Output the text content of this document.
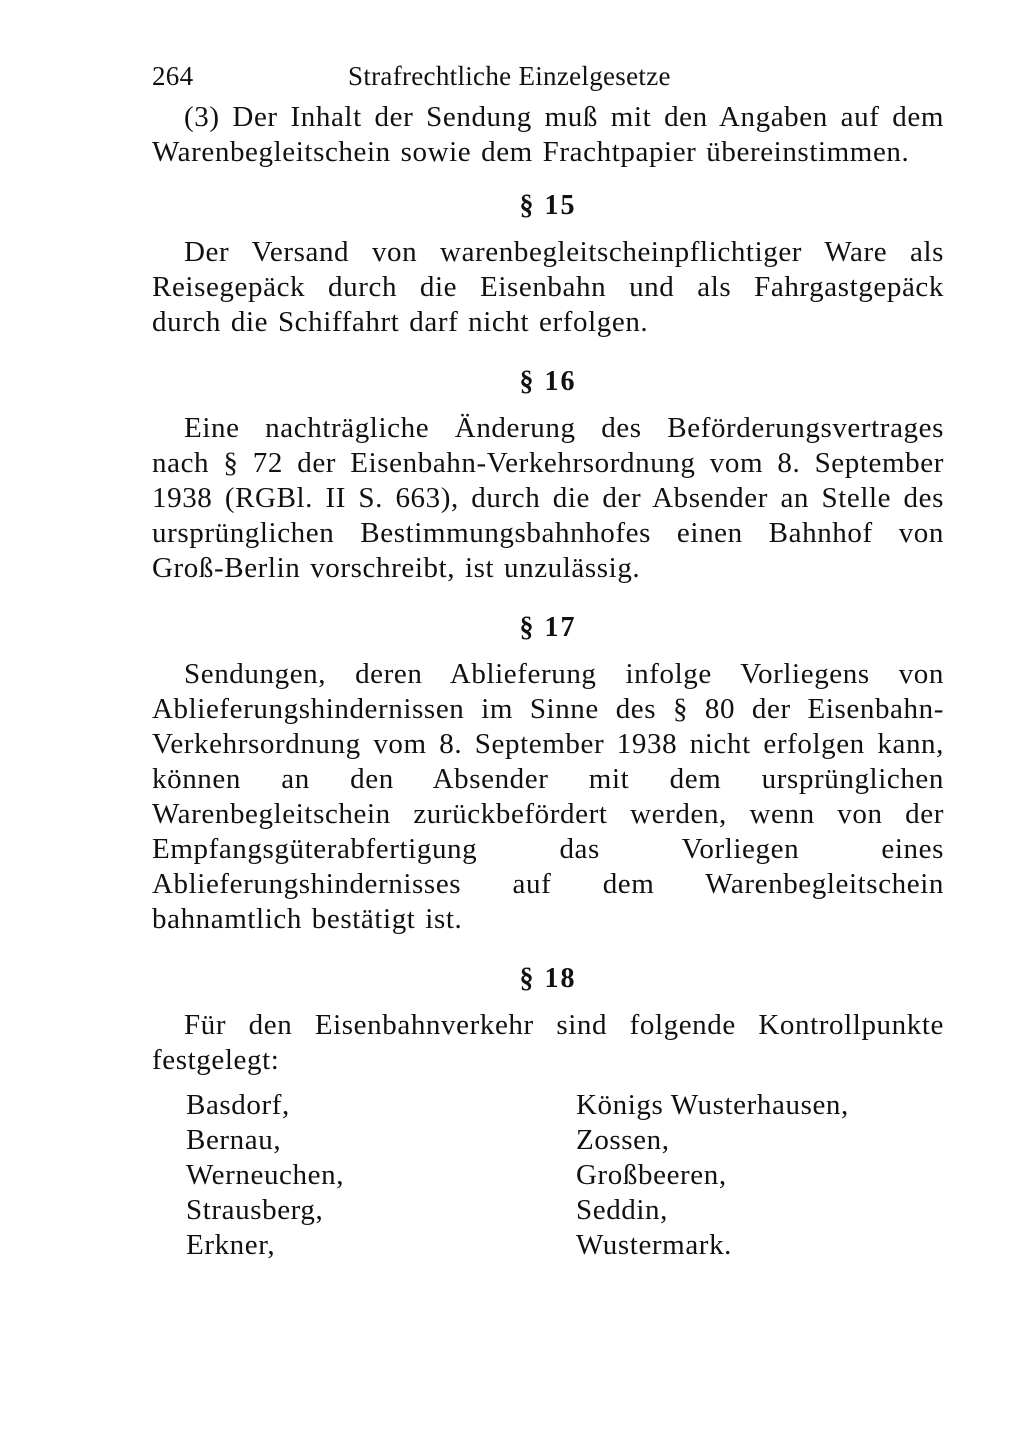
264	Strafrechtliche Einzelgesetze

(3) Der Inhalt der Sendung muß mit den Angaben auf dem Warenbegleitschein sowie dem Frachtpapier übereinstimmen.

§ 15

Der Versand von warenbegleitscheinpflichtiger Ware als Reisegepäck durch die Eisenbahn und als Fahrgastgepäck durch die Schiffahrt darf nicht erfolgen.

§ 16

Eine nachträgliche Änderung des Beförderungsvertrages nach § 72 der Eisenbahn-Verkehrsordnung vom 8. September 1938 (RGBl. II S. 663), durch die der Absender an Stelle des ursprünglichen Bestimmungsbahnhofes einen Bahnhof von Groß-Berlin vorschreibt, ist unzulässig.

§ 17

Sendungen, deren Ablieferung infolge Vorliegens von Ablieferungshindernissen im Sinne des § 80 der Eisenbahn-Verkehrsordnung vom 8. September 1938 nicht erfolgen kann, können an den Absender mit dem ursprünglichen Warenbegleitschein zurückbefördert werden, wenn von der Empfangsgüterabfertigung das Vorliegen eines Ablieferungshindernisses auf dem Warenbegleitschein bahnamtlich bestätigt ist.

§ 18

Für den Eisenbahnverkehr sind folgende Kontrollpunkte festgelegt:

Basdorf,
Bernau,
Werneuchen,
Strausberg,
Erkner,
Königs Wusterhausen,
Zossen,
Großbeeren,
Seddin,
Wustermark.
